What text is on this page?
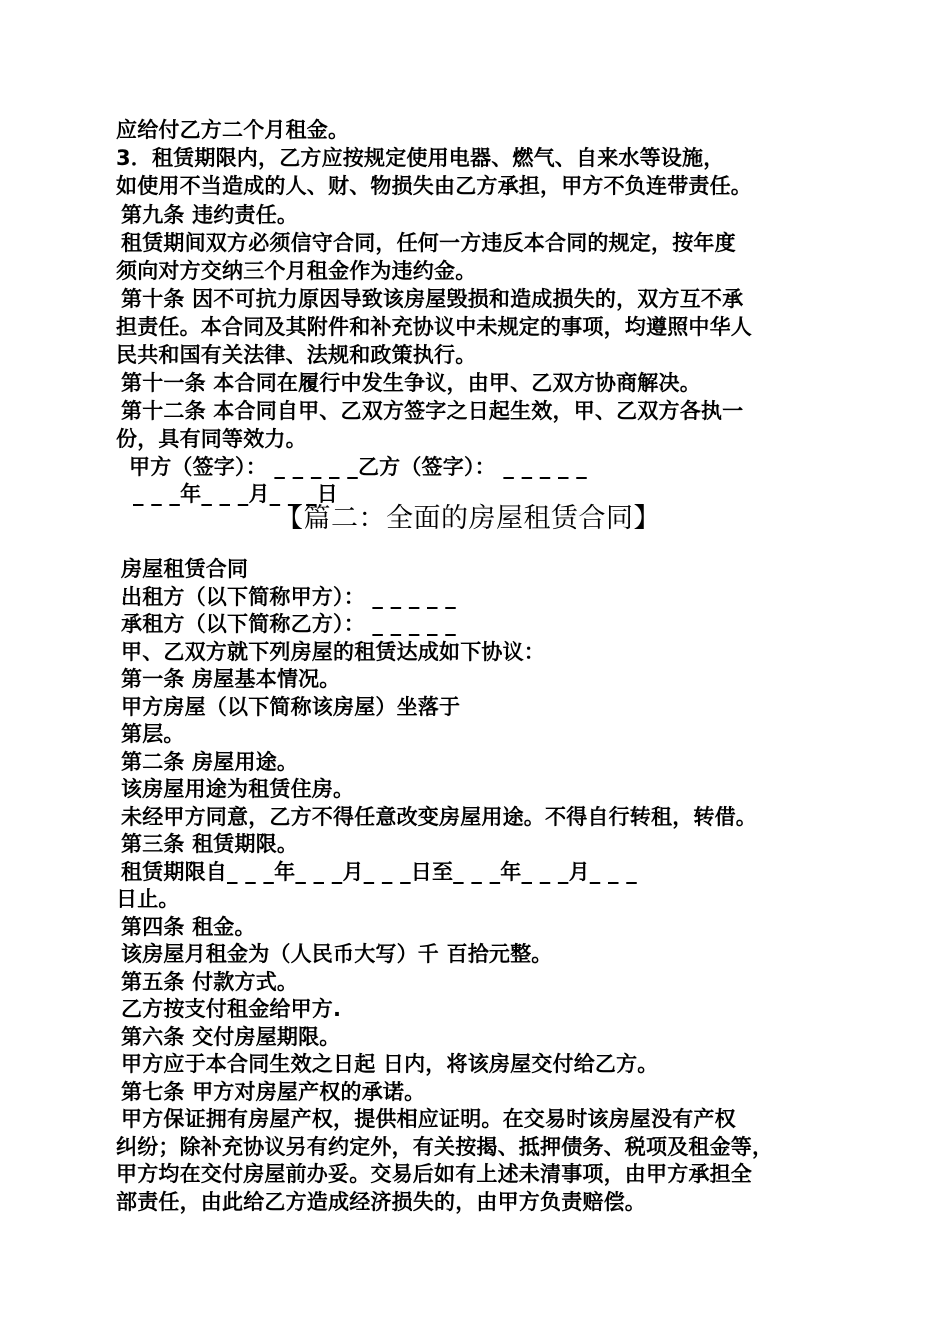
应给付乙方二个月租金。
3．租赁期限内，乙方应按规定使用电器、燃气、自来水等设施，
如使用不当造成的人、财、物损失由乙方承担，甲方不负连带责任。
第九条 违约责任。
租赁期间双方必须信守合同，任何一方违反本合同的规定，按年度
须向对方交纳三个月租金作为违约金。
第十条 因不可抗力原因导致该房屋毁损和造成损失的，双方互不承
担责任。本合同及其附件和补充协议中未规定的事项，均遵照中华人
民共和国有关法律、法规和政策执行。
第十一条 本合同在履行中发生争议，由甲、乙双方协商解决。
第十二条 本合同自甲、乙双方签字之日起生效，甲、乙双方各执一
份，具有同等效力。
甲方（签字）： _ _ _ _ _乙方（签字）： _ _ _ _ _
_ _ _年_ _ _月_ _ _日
【篇二：全面的房屋租赁合同】
房屋租赁合同
出租方（以下简称甲方）： _ _ _ _ _
承租方（以下简称乙方）： _ _ _ _ _
甲、乙双方就下列房屋的租赁达成如下协议：
第一条 房屋基本情况。
甲方房屋（以下简称该房屋）坐落于
第层。
第二条 房屋用途。
该房屋用途为租赁住房。
未经甲方同意，乙方不得任意改变房屋用途。不得自行转租，转借。
第三条 租赁期限。
租赁期限自_ _ _年_ _ _月_ _ _日至_ _ _年_ _ _月_ _ _
日止。
第四条 租金。
该房屋月租金为（人民币大写）千 百拾元整。
第五条 付款方式。
乙方按支付租金给甲方.
第六条 交付房屋期限。
甲方应于本合同生效之日起 日内，将该房屋交付给乙方。
第七条 甲方对房屋产权的承诺。
甲方保证拥有房屋产权，提供相应证明。在交易时该房屋没有产权
纠纷；除补充协议另有约定外，有关按揭、抵押债务、税项及租金等，
甲方均在交付房屋前办妥。交易后如有上述未清事项，由甲方承担全
部责任，由此给乙方造成经济损失的，由甲方负责赔偿。
